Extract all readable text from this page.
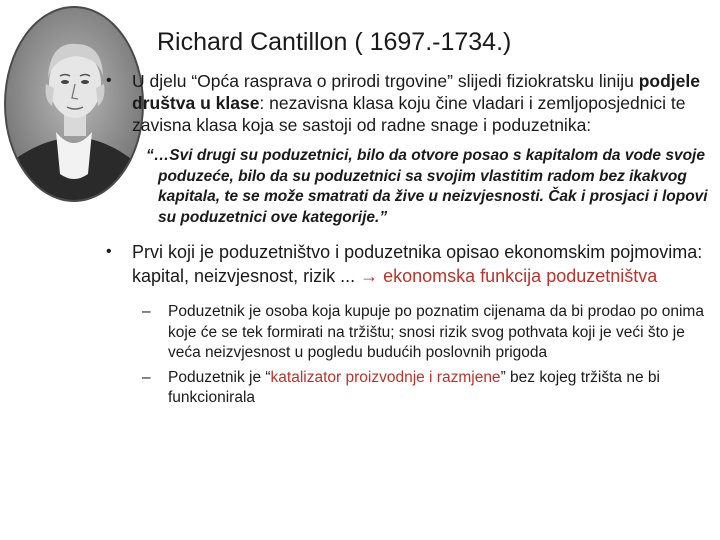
Richard Cantillon ( 1697.-1734.)
• U djelu “Opća rasprava o prirodi trgovine” slijedi fiziokratsku liniju podjele društva u klase: nezavisna klasa koju čine vladari i zemljoposjednici te zavisna klasa koja se sastoji od radne snage i poduzetnika:
“…Svi drugi su poduzetnici, bilo da otvore posao s kapitalom da vode svoje poduzeće, bilo da su poduzetnici sa svojim vlastitim radom bez ikakvog kapitala, te se može smatrati da žive u neizvjesnosti. Čak i prosjaci i lopovi su poduzetnici ove kategorije.”
• Prvi koji je poduzetništvo i poduzetnika opisao ekonomskim pojmovima: kapital, neizvjesnost, rizik ... → ekonomska funkcija poduzetništva
– Poduzetnik je osoba koja kupuje po poznatim cijenama da bi prodao po onima koje će se tek formirati na tržištu; snosi rizik svog pothvata koji je veći što je veća neizvjesnost u pogledu budućih poslovnih prigoda
– Poduzetnik je “katalizator proizvodnje i razmjene” bez kojeg tržišta ne bi funkcionirala
